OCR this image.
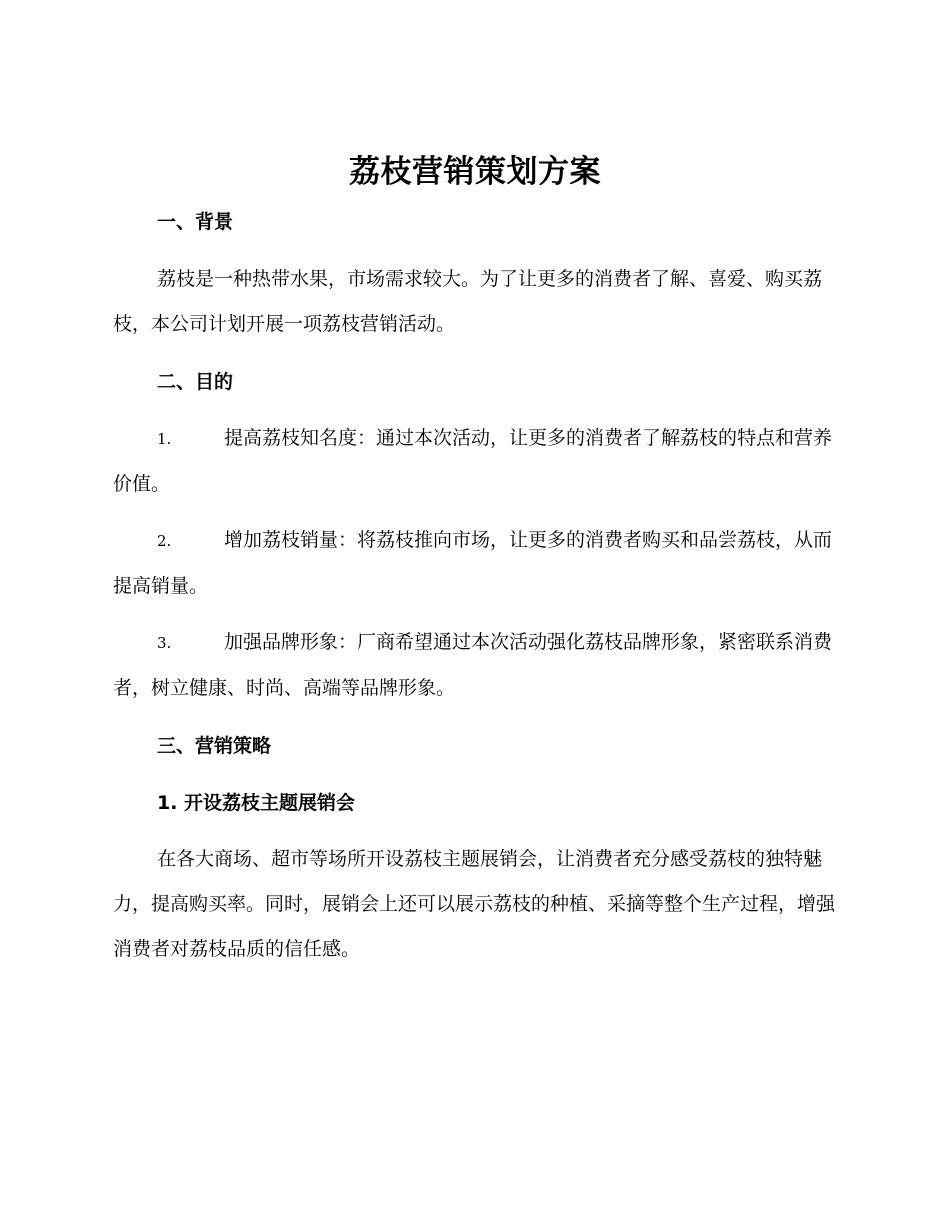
荔枝营销策划方案
一、背景

荔枝是一种热带水果，市场需求较大。为了让更多的消费者了解、喜爱、购买荔枝，本公司计划开展一项荔枝营销活动。

二、目的

1.	提高荔枝知名度：通过本次活动，让更多的消费者了解荔枝的特点和营养价值。

2.	增加荔枝销量：将荔枝推向市场，让更多的消费者购买和品尝荔枝，从而提高销量。

3.	加强品牌形象：厂商希望通过本次活动强化荔枝品牌形象，紧密联系消费者，树立健康、时尚、高端等品牌形象。

三、营销策略
1. 开设荔枝主题展销会

在各大商场、超市等场所开设荔枝主题展销会，让消费者充分感受荔枝的独特魅力，提高购买率。同时，展销会上还可以展示荔枝的种植、采摘等整个生产过程，增强消费者对荔枝品质的信任感。
